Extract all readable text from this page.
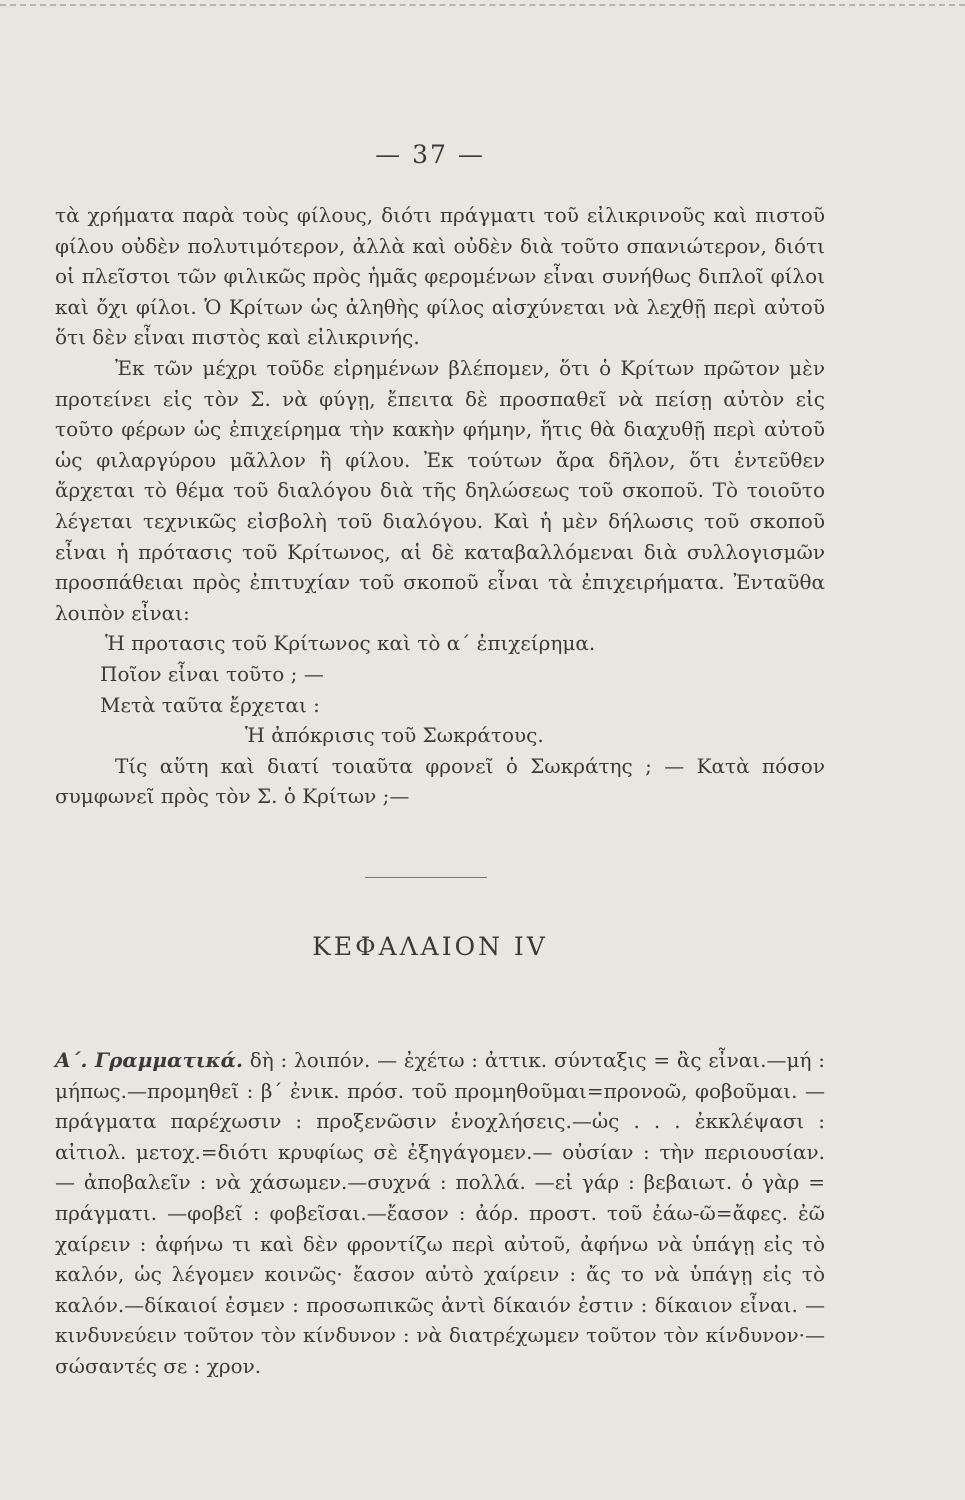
— 37 —

τὰ χρήματα παρὰ τοὺς φίλους, διότι πράγματι τοῦ εἰλικρινοῦς καὶ πιστοῦ φίλου οὐδὲν πολυτιμότερον, ἀλλὰ καὶ οὐδὲν διὰ τοῦτο σπανιώτερον, διότι οἱ πλεῖστοι τῶν φιλικῶς πρὸς ἡμᾶς φερομένων εἶναι συνήθως διπλοῖ φίλοι καὶ ὄχι φίλοι. Ὁ Κρίτων ὡς ἀληθὴς φίλος αἰσχύνεται νὰ λεχθῇ περὶ αὐτοῦ ὅτι δὲν εἶναι πιστὸς καὶ εἰλικρινής.

Ἐκ τῶν μέχρι τοῦδε εἰρημένων βλέπομεν, ὅτι ὁ Κρίτων πρῶτον μὲν προτείνει εἰς τὸν Σ. νὰ φύγῃ, ἔπειτα δὲ προσπαθεῖ νὰ πείσῃ αὐτὸν εἰς τοῦτο φέρων ὡς ἐπιχείρημα τὴν κακὴν φήμην, ἥτις θὰ διαχυθῇ περὶ αὐτοῦ ὡς φιλαργύρου μᾶλλον ἢ φίλου. Ἐκ τούτων ἄρα δῆλον, ὅτι ἐντεῦθεν ἄρχεται τὸ θέμα τοῦ διαλόγου διὰ τῆς δηλώσεως τοῦ σκοποῦ. Τὸ τοιοῦτο λέγεται τεχνικῶς εἰσβολὴ τοῦ διαλόγου. Καὶ ἡ μὲν δήλωσις τοῦ σκοποῦ εἶναι ἡ πρότασις τοῦ Κρίτωνος, αἱ δὲ καταβαλλόμεναι διὰ συλλογισμῶν προσπάθειαι πρὸς ἐπιτυχίαν τοῦ σκοποῦ εἶναι τὰ ἐπιχειρήματα. Ἐνταῦθα λοιπὸν εἶναι:

Ἡ προτασις τοῦ Κρίτωνος καὶ τὸ α΄ ἐπιχείρημα.

Ποῖον εἶναι τοῦτο ; —

Μετὰ ταῦτα ἔρχεται :

Ἡ ἀπόκρισις τοῦ Σωκράτους.

Τίς αὕτη καὶ διατί τοιαῦτα φρονεῖ ὁ Σωκράτης ; — Κατὰ πόσον συμφωνεῖ πρὸς τὸν Σ. ὁ Κρίτων ;—

ΚΕΦΑΛΑΙΟΝ IV

Α΄. Γραμματικά. δὴ : λοιπόν. — ἐχέτω : ἀττικ. σύνταξις = ἂς εἶναι.—μή : μήπως.—προμηθεῖ : β΄ ἐνικ. πρόσ. τοῦ προμηθοῦμαι=προνοῶ, φοβοῦμαι. — πράγματα παρέχωσιν : προξενῶσιν ἐνοχλήσεις.—ὡς . . . ἐκκλέψασι : αἰτιολ. μετοχ.=διότι κρυφίως σὲ ἐξηγάγομεν.— οὐσίαν : τὴν περιουσίαν. — ἀποβαλεῖν : νὰ χάσωμεν.—συχνά : πολλά. —εἰ γάρ : βεβαιωτ. ὁ γὰρ = πράγματι. —φοβεῖ : φοβεῖσαι.—ἔασον : ἀόρ. προστ. τοῦ ἐάω-ῶ=ἄφες. ἐῶ χαίρειν : ἀφήνω τι καὶ δὲν φροντίζω περὶ αὐτοῦ, ἀφήνω νὰ ὑπάγῃ εἰς τὸ καλόν, ὡς λέγομεν κοινῶς· ἔασον αὐτὸ χαίρειν : ἄς το νὰ ὑπάγῃ εἰς τὸ καλόν.—δίκαιοί ἐσμεν : προσωπικῶς ἀντὶ δίκαιόν ἐστιν : δίκαιον εἶναι. — κινδυνεύειν τοῦτον τὸν κίνδυνον : νὰ διατρέχωμεν τοῦτον τὸν κίνδυνον·—σώσαντές σε : χρον.
